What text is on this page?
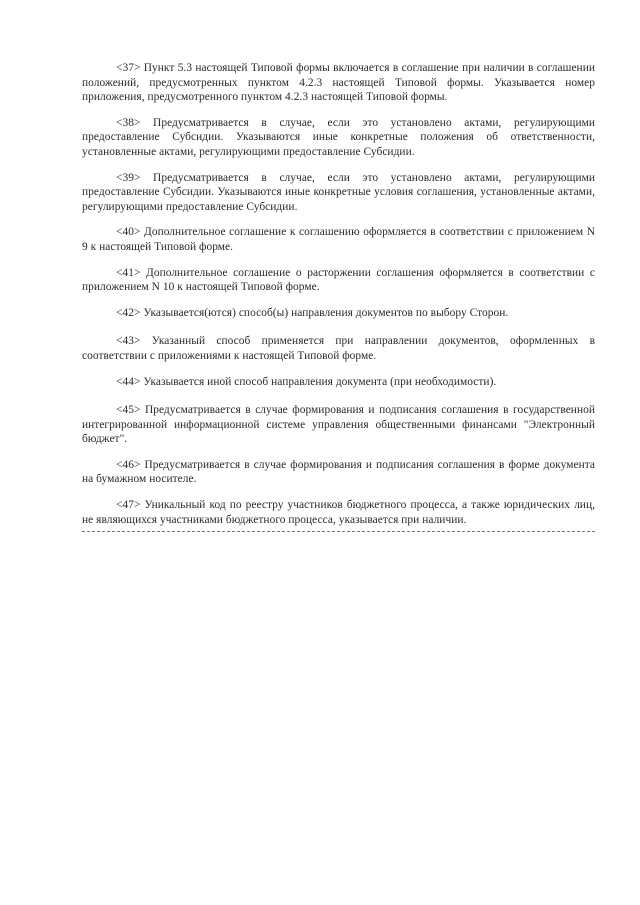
<37> Пункт 5.3 настоящей Типовой формы включается в соглашение при наличии в соглашении положений, предусмотренных пунктом 4.2.3 настоящей Типовой формы. Указывается номер приложения, предусмотренного пунктом 4.2.3 настоящей Типовой формы.

<38> Предусматривается в случае, если это установлено актами, регулирующими предоставление Субсидии. Указываются иные конкретные положения об ответственности, установленные актами, регулирующими предоставление Субсидии.

<39> Предусматривается в случае, если это установлено актами, регулирующими предоставление Субсидии. Указываются иные конкретные условия соглашения, установленные актами, регулирующими предоставление Субсидии.

<40> Дополнительное соглашение к соглашению оформляется в соответствии с приложением N 9 к настоящей Типовой форме.

<41> Дополнительное соглашение о расторжении соглашения оформляется в соответствии с приложением N 10 к настоящей Типовой форме.

<42> Указывается(ются) способ(ы) направления документов по выбору Сторон.

<43> Указанный способ применяется при направлении документов, оформленных в соответствии с приложениями к настоящей Типовой форме.

<44> Указывается иной способ направления документа (при необходимости).

<45> Предусматривается в случае формирования и подписания соглашения в государственной интегрированной информационной системе управления общественными финансами "Электронный бюджет".

<46> Предусматривается в случае формирования и подписания соглашения в форме документа на бумажном носителе.

<47> Уникальный код по реестру участников бюджетного процесса, а также юридических лиц, не являющихся участниками бюджетного процесса, указывается при наличии.
